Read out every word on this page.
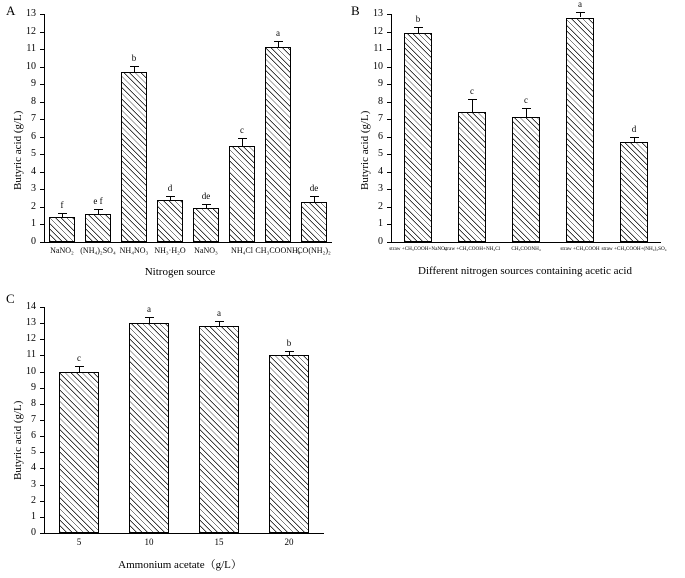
A
Butyric acid (g/L)
Nitrogen source
0
1
2
3
4
5
6
7
8
9
10
11
12
13
f
NaNO₂
e f
(NH₄)₂SO₄
b
NH₄NO₃
d
NH₃·H₂O
de
NaNO₃
c
NH₄Cl
a
CH₃COONH₄
de
CO(NH₂)₂
B
Butyric acid (g/L)
Different nitrogen sources containing acetic acid
0
1
2
3
4
5
6
7
8
9
10
11
12
13
b
straw +CH₃COOH+NaNO₃
c
straw +CH₃COOH+NH₄Cl
c
CH₃COONH₄
a
straw +CH₃COOH
d
straw +CH₃COOH+(NH₄)₂SO₄
C
Butyric acid (g/L)
Ammonium acetate（g/L）
0
1
2
3
4
5
6
7
8
9
10
11
12
13
14
c
5
a
10
a
15
b
20
